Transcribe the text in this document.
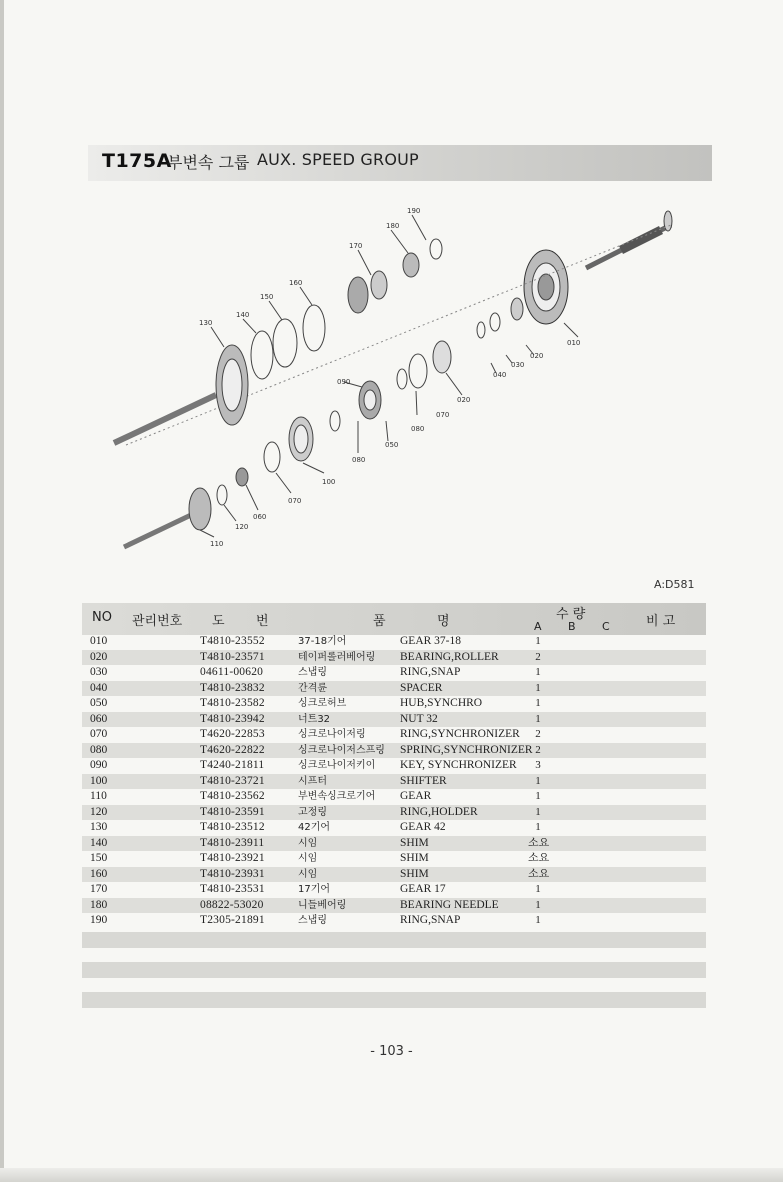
T175A
부변속 그룹 AUX. SPEED GROUP
190
180
170
160
150
140
130
090
010
020
030
040
050
060
070
080
100
110
120
070
080
020
A:D581
NO 관리번호 도 번	품	명	수 량
A B C	비 고
010	T4810-23552	37-18기어	GEAR 37-18	1
020	T4810-23571	테이퍼롤러베어링 BEARING,ROLLER	2
030	04611-00620	스냅링	RING,SNAP	1
040	T4810-23832	간격륜	SPACER	1
050	T4810-23582	싱크로허브	HUB,SYNCHRO	1
060	T4810-23942	너트32	NUT 32	1
070	T4620-22853	싱크로나이저링	RING,SYNCHRONIZER	2
080	T4620-22822	싱크로나이저스프링 SPRING,SYNCHRONIZER 2
090	T4240-21811	싱크로나이저키이 KEY, SYNCHRONIZER	3
100	T4810-23721	시프터	SHIFTER	1
110	T4810-23562	부변속싱크로기어 GEAR	1
120	T4810-23591	고정링	RING,HOLDER	1
130	T4810-23512	42기어	GEAR 42	1
140	T4810-23911	시임	SHIM	소요
150	T4810-23921	시임	SHIM	소요
160	T4810-23931	시임	SHIM	소요
170	T4810-23531	17기어	GEAR 17	1
180	08822-53020	니들베어링	BEARING NEEDLE	1
190	T2305-21891	스냅링	RING,SNAP	1
- 103 -
